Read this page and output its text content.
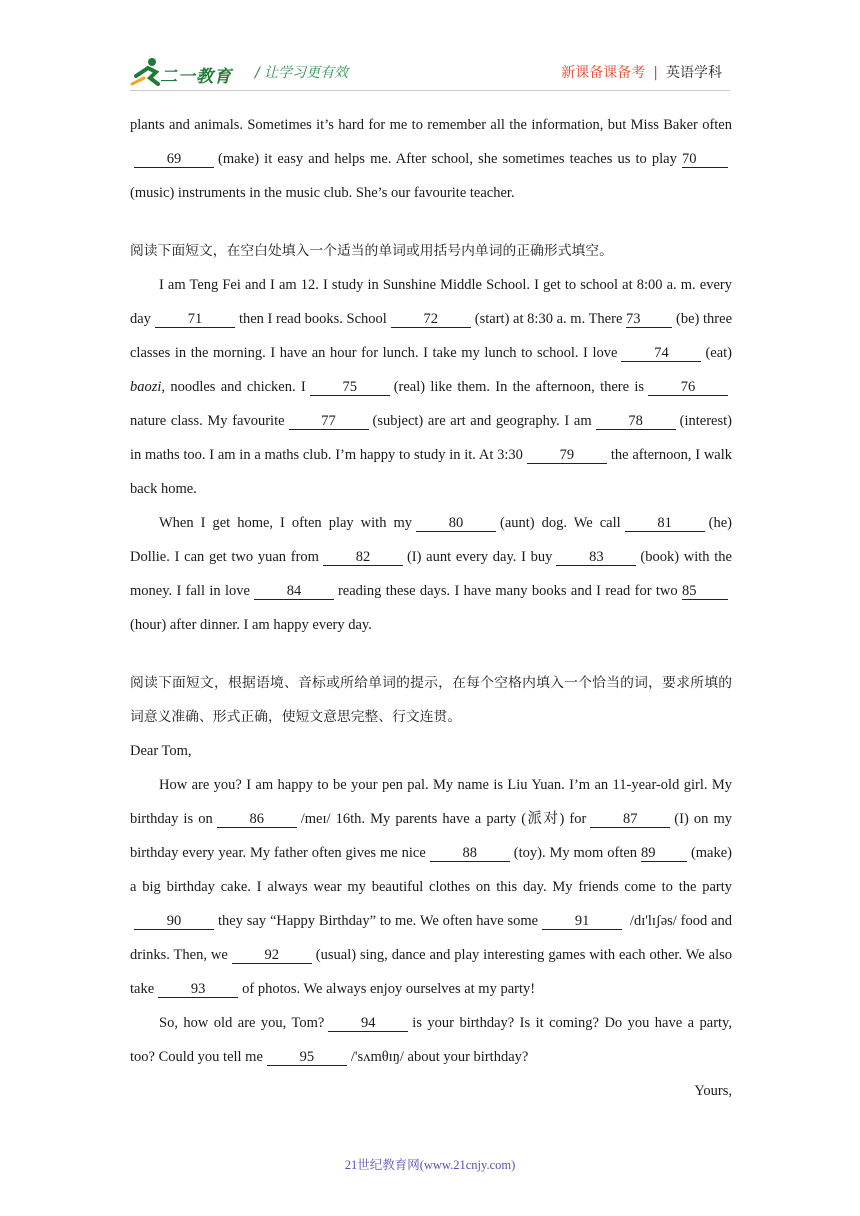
二一教育 / 让学习更有效	新课备课备考 | 英语学科

plants and animals. Sometimes it’s hard for me to remember all the information, but Miss Baker often69	(make) it easy and helps me. After school, she sometimes teaches us to play 70(music) instruments in the music club. She’s our favourite teacher.

阅读下面短文，在空白处填入一个适当的单词或用括号内单词的正确形式填空。

I am Teng Fei and I am 12. I study in Sunshine Middle School. I get to school at 8:00 a. m. every day	71	then I read books. School	72	(start) at 8:30 a. m. There 73 (be) three classes in the morning. I have an hour for lunch. I take my lunch to school. I love	74	(eat) baozi, noodles and chicken. I	75	(real) like them. In the afternoon, there is	76nature class. My favourite	77	(subject) are art and geography. I am	78	(interest) in maths too. I am in a maths club. I’m happy to study in it. At 3:30	79	the afternoon, I walk back home.

When I get home, I often play with my	80	(aunt) dog. We call	81	(he) Dollie. I can get two yuan from	82	(I) aunt every day. I buy	83	(book) with the money. I fall in love	84	reading these days. I have many books and I read for two 85(hour) after dinner. I am happy every day.

阅读下面短文，根据语境、音标或所给单词的提示，在每个空格内填入一个恰当的词，要求所填的词意义准确、形式正确，使短文意思完整、行文连贯。

Dear Tom,

How are you? I am happy to be your pen pal. My name is Liu Yuan. I’m an 11-year-old girl. My birthday is on	86	/meɪ/ 16th. My parents have a party (派对) for	87	(I) on my birthday every year. My father often gives me nice	88	(toy). My mom often 89 (make) a big birthday cake. I always wear my beautiful clothes on this day. My friends come to the party90	they say “Happy Birthday” to me. We often have some	91	/dɪ'lɪʃəs/ food and drinks. Then, we	92	(usual) sing, dance and play interesting games with each other. We also take	93	of photos. We always enjoy ourselves at my party!

So, how old are you, Tom?	94	is your birthday? Is it coming? Do you have a party, too? Could you tell me	95	/'sʌmθɪŋ/ about your birthday?

Yours,

21世纪教育网(www.21cnjy.com)
